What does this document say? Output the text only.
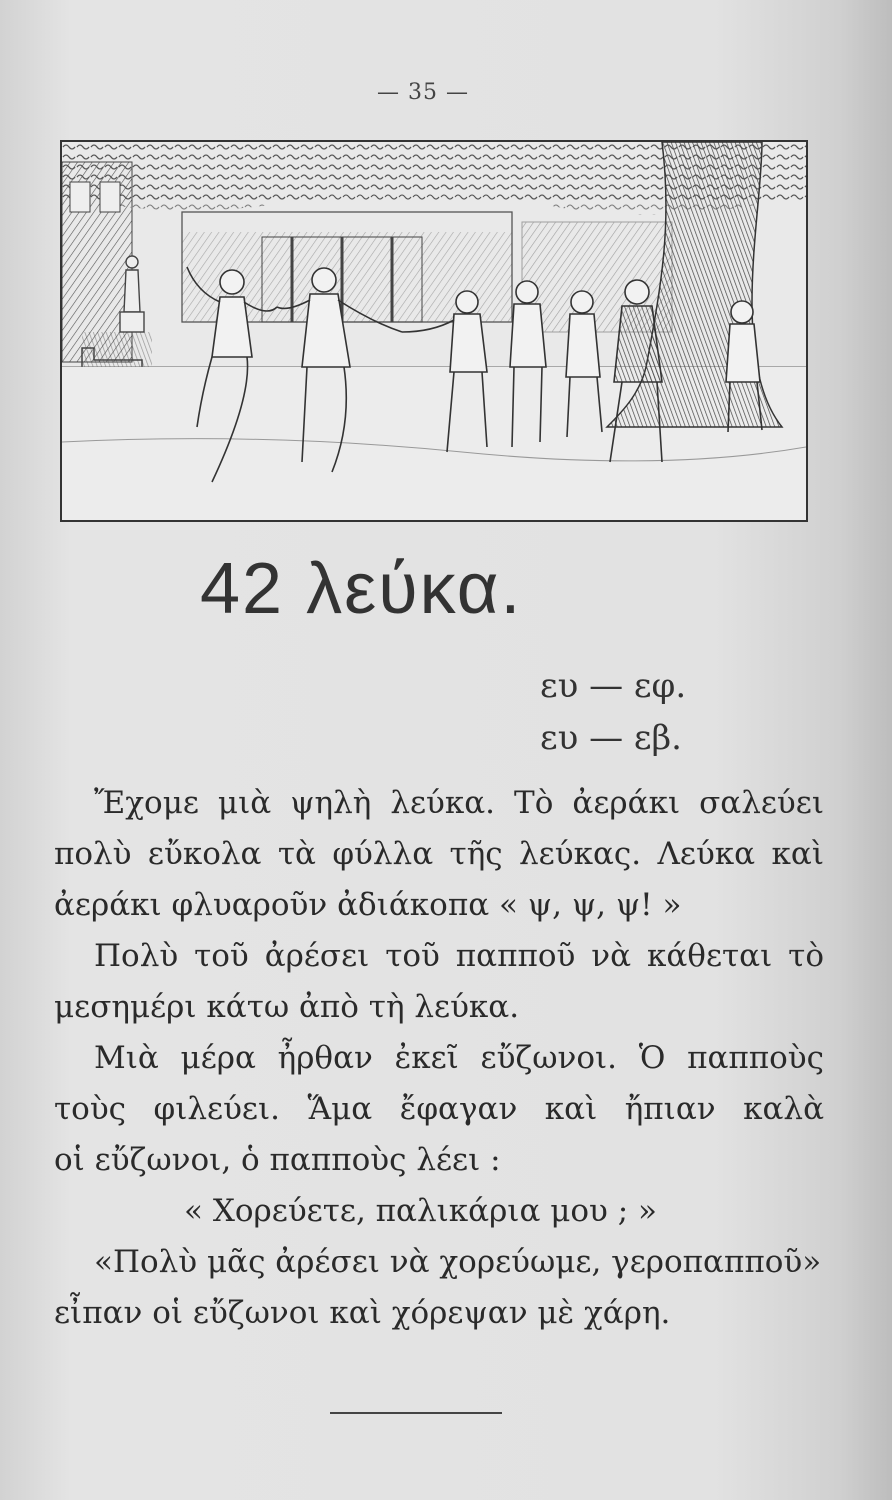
— 35 —
42 λεύκα.
ευ — εφ.
ευ — εβ.
Ἔχομε μιὰ ψηλὴ λεύκα. Τὸ ἀεράκι σαλεύει
πολὺ εὔκολα τὰ φύλλα τῆς λεύκας. Λεύκα καὶ
ἀεράκι φλυαροῦν ἀδιάκοπα « ψ, ψ, ψ! »
Πολὺ τοῦ ἀρέσει τοῦ παπποῦ νὰ κάθεται τὸ
μεσημέρι κάτω ἀπὸ τὴ λεύκα.
Μιὰ μέρα ἦρθαν ἐκεῖ εὔζωνοι. Ὁ παπποὺς
τοὺς φιλεύει. Ἅμα ἔφαγαν καὶ ἤπιαν καλὰ
οἱ εὔζωνοι, ὁ παπποὺς λέει :
« Χορεύετε, παλικάρια μου ; »
«Πολὺ μᾶς ἀρέσει νὰ χορεύωμε, γεροπαπποῦ»
εἶπαν οἱ εὔζωνοι καὶ χόρεψαν μὲ χάρη.
